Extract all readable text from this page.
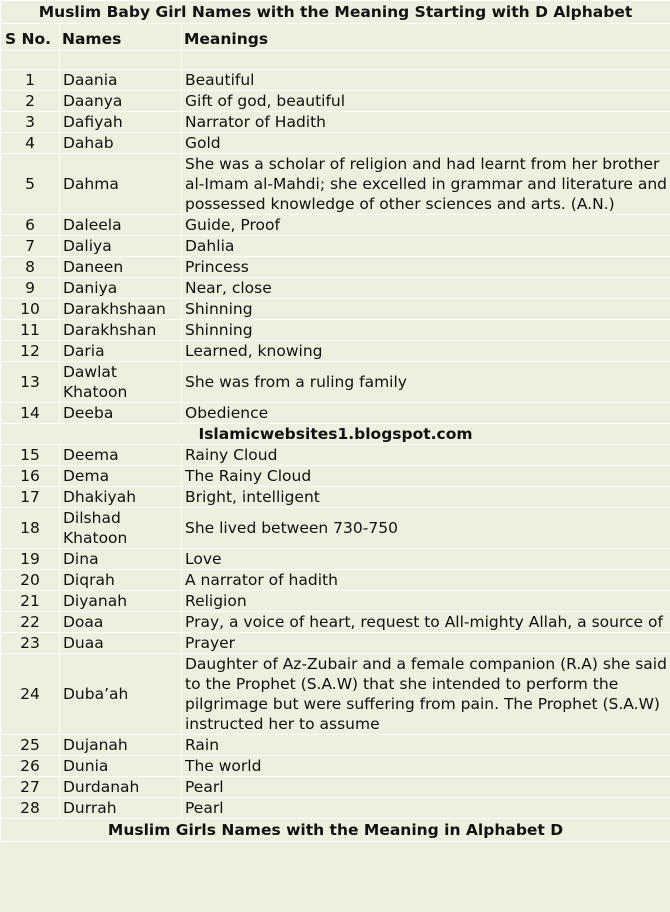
Muslim Baby Girl Names with the Meaning Starting with D Alphabet		
S No.	Names	Meanings

1	Daania	Beautiful
2	Daanya	Gift of god, beautiful
3	Dafiyah	Narrator of Hadith
4	Dahab	Gold
5	Dahma	She was a scholar of religion and had learnt from her brother al-Imam al-Mahdi; she excelled in grammar and literature and possessed knowledge of other sciences and arts. (A.N.)
6	Daleela	Guide, Proof
7	Daliya	Dahlia
8	Daneen	Princess
9	Daniya	Near, close
10	Darakhshaan	Shinning
11	Darakhshan	Shinning
12	Daria	Learned, knowing
13	Dawlat Khatoon	She was from a ruling family
14	Deeba	Obedience
Islamicwebsites1.blogspot.com		
15	Deema	Rainy Cloud
16	Dema	The Rainy Cloud
17	Dhakiyah	Bright, intelligent
18	Dilshad Khatoon	She lived between 730-750
19	Dina	Love
20	Diqrah	A narrator of hadith
21	Diyanah	Religion
22	Doaa	Pray, a voice of heart, request to All-mighty Allah, a source of
23	Duaa	Prayer
24	Duba’ah	Daughter of Az-Zubair and a female companion (R.A) she said to the Prophet (S.A.W) that she intended to perform the pilgrimage but were suffering from pain. The Prophet (S.A.W) instructed her to assume
25	Dujanah	Rain
26	Dunia	The world
27	Durdanah	Pearl
28	Durrah	Pearl
Muslim Girls Names with the Meaning in Alphabet D		
